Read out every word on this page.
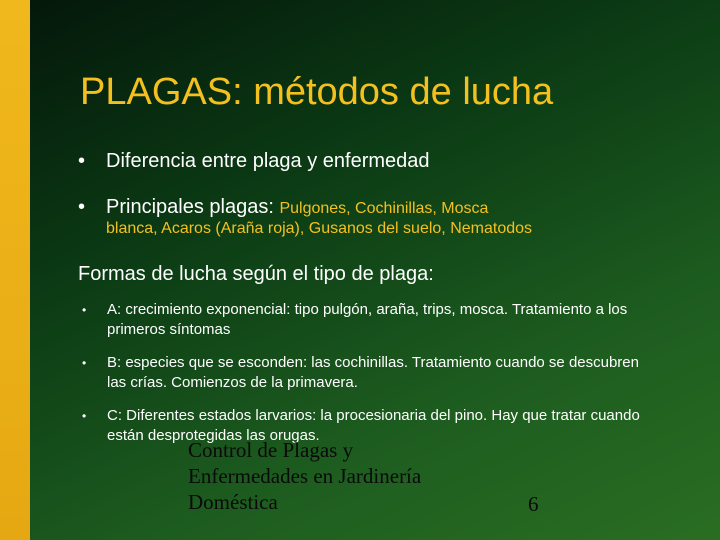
PLAGAS: métodos de lucha
• Diferencia entre plaga y enfermedad
• Principales plagas: Pulgones, Cochinillas, Mosca
blanca, Acaros (Araña roja), Gusanos del suelo, Nematodos
Formas de lucha según el tipo de plaga:
• A: crecimiento exponencial: tipo pulgón, araña, trips, mosca. Tratamiento a los primeros síntomas
• B: especies que se esconden: las cochinillas. Tratamiento cuando se descubren las crías. Comienzos de la primavera.
• C: Diferentes estados larvarios: la procesionaria del pino. Hay que tratar cuando están desprotegidas las orugas.
Control de Plagas y Enfermedades en Jardinería Doméstica	6
